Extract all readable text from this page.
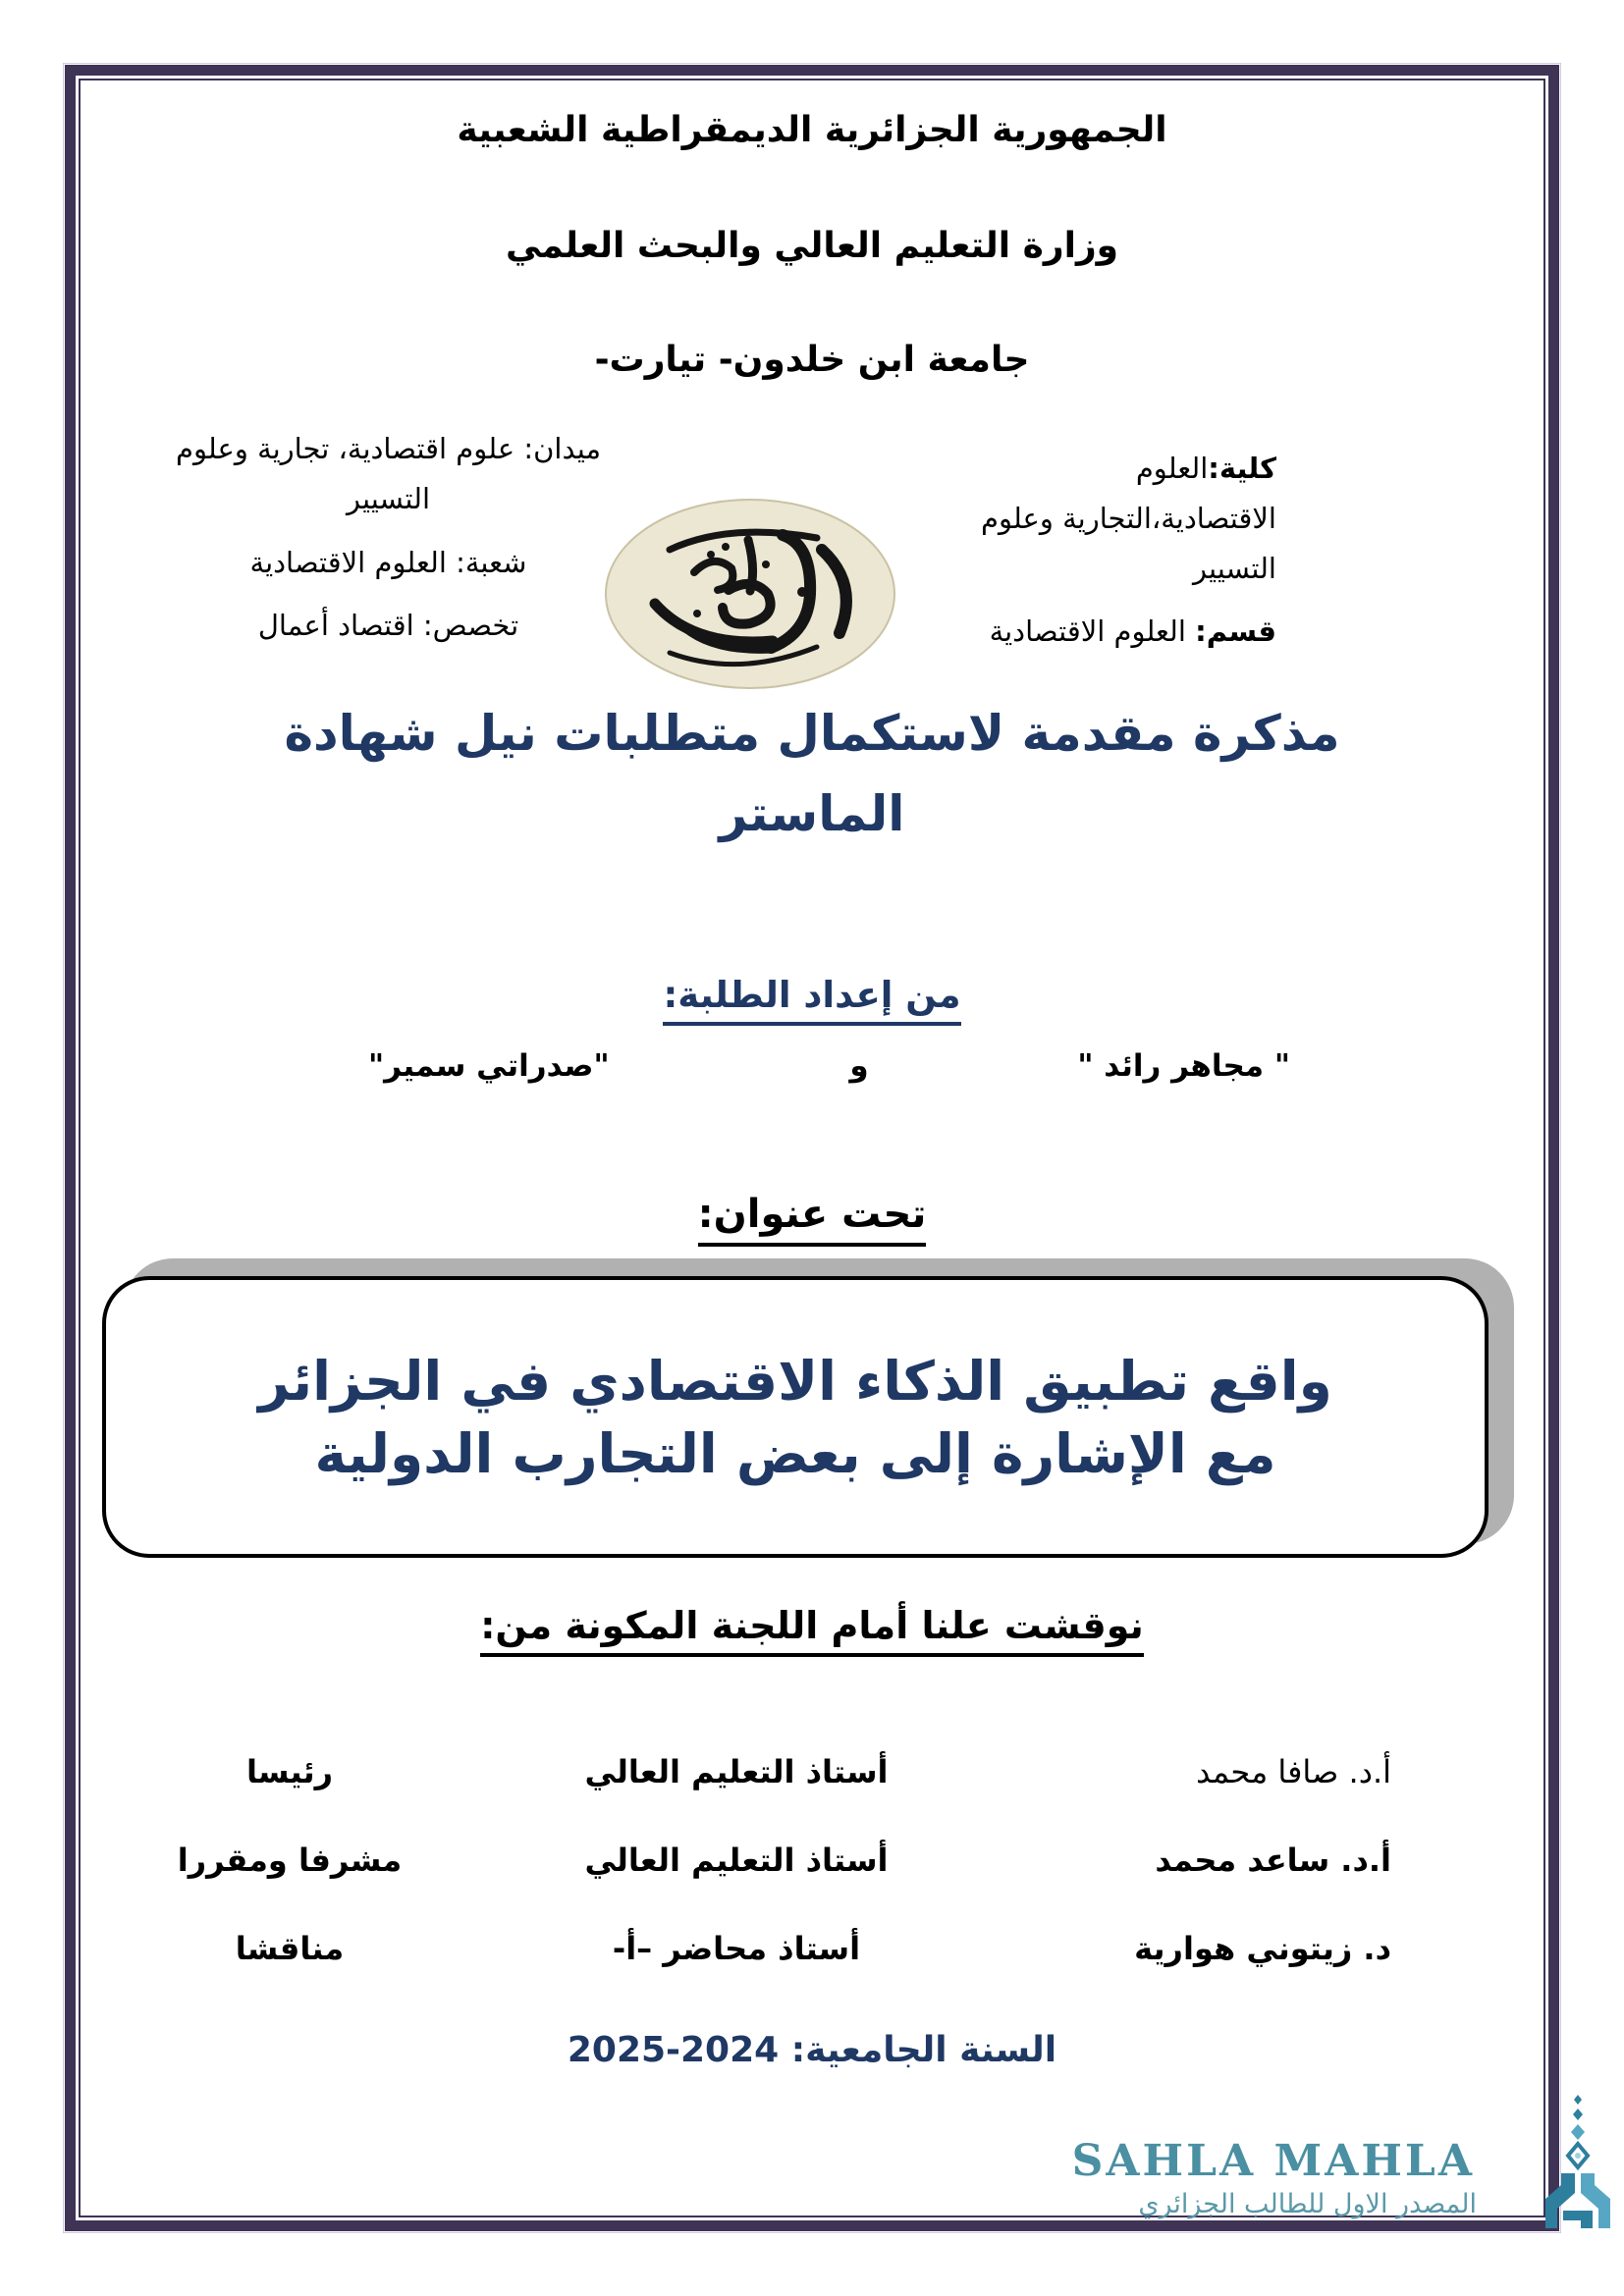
الجمهورية الجزائرية الديمقراطية الشعبية
وزارة التعليم العالي والبحث العلمي
جامعة ابن خلدون- تيارت-

ميدان: علوم اقتصادية، تجارية وعلوم التسيير

شعبة: العلوم الاقتصادية

تخصص: اقتصاد أعمال

كلية:العلوم الاقتصادية،التجارية وعلوم التسيير

قسم: العلوم الاقتصادية

مذكرة مقدمة لاستكمال متطلبات نيل شهادة
الماستر
من إعداد الطلبة:
" مجاهر رائد "
و
"صدراتي سمير"
تحت عنوان:
واقع تطبيق الذكاء الاقتصادي في الجزائر
مع الإشارة إلى بعض التجارب الدولية
نوقشت علنا أمام اللجنة المكونة من:
أ.د. صافا محمد
أستاذ التعليم العالي
رئيسا
أ.د. ساعد محمد
أستاذ التعليم العالي
مشرفا ومقررا
د. زيتوني هوارية
أستاذ محاضر –أ-
مناقشا
السنة الجامعية: 2024‏-‏2025
SAHLA MAHLA
المصدر الاول للطالب الجزائري
